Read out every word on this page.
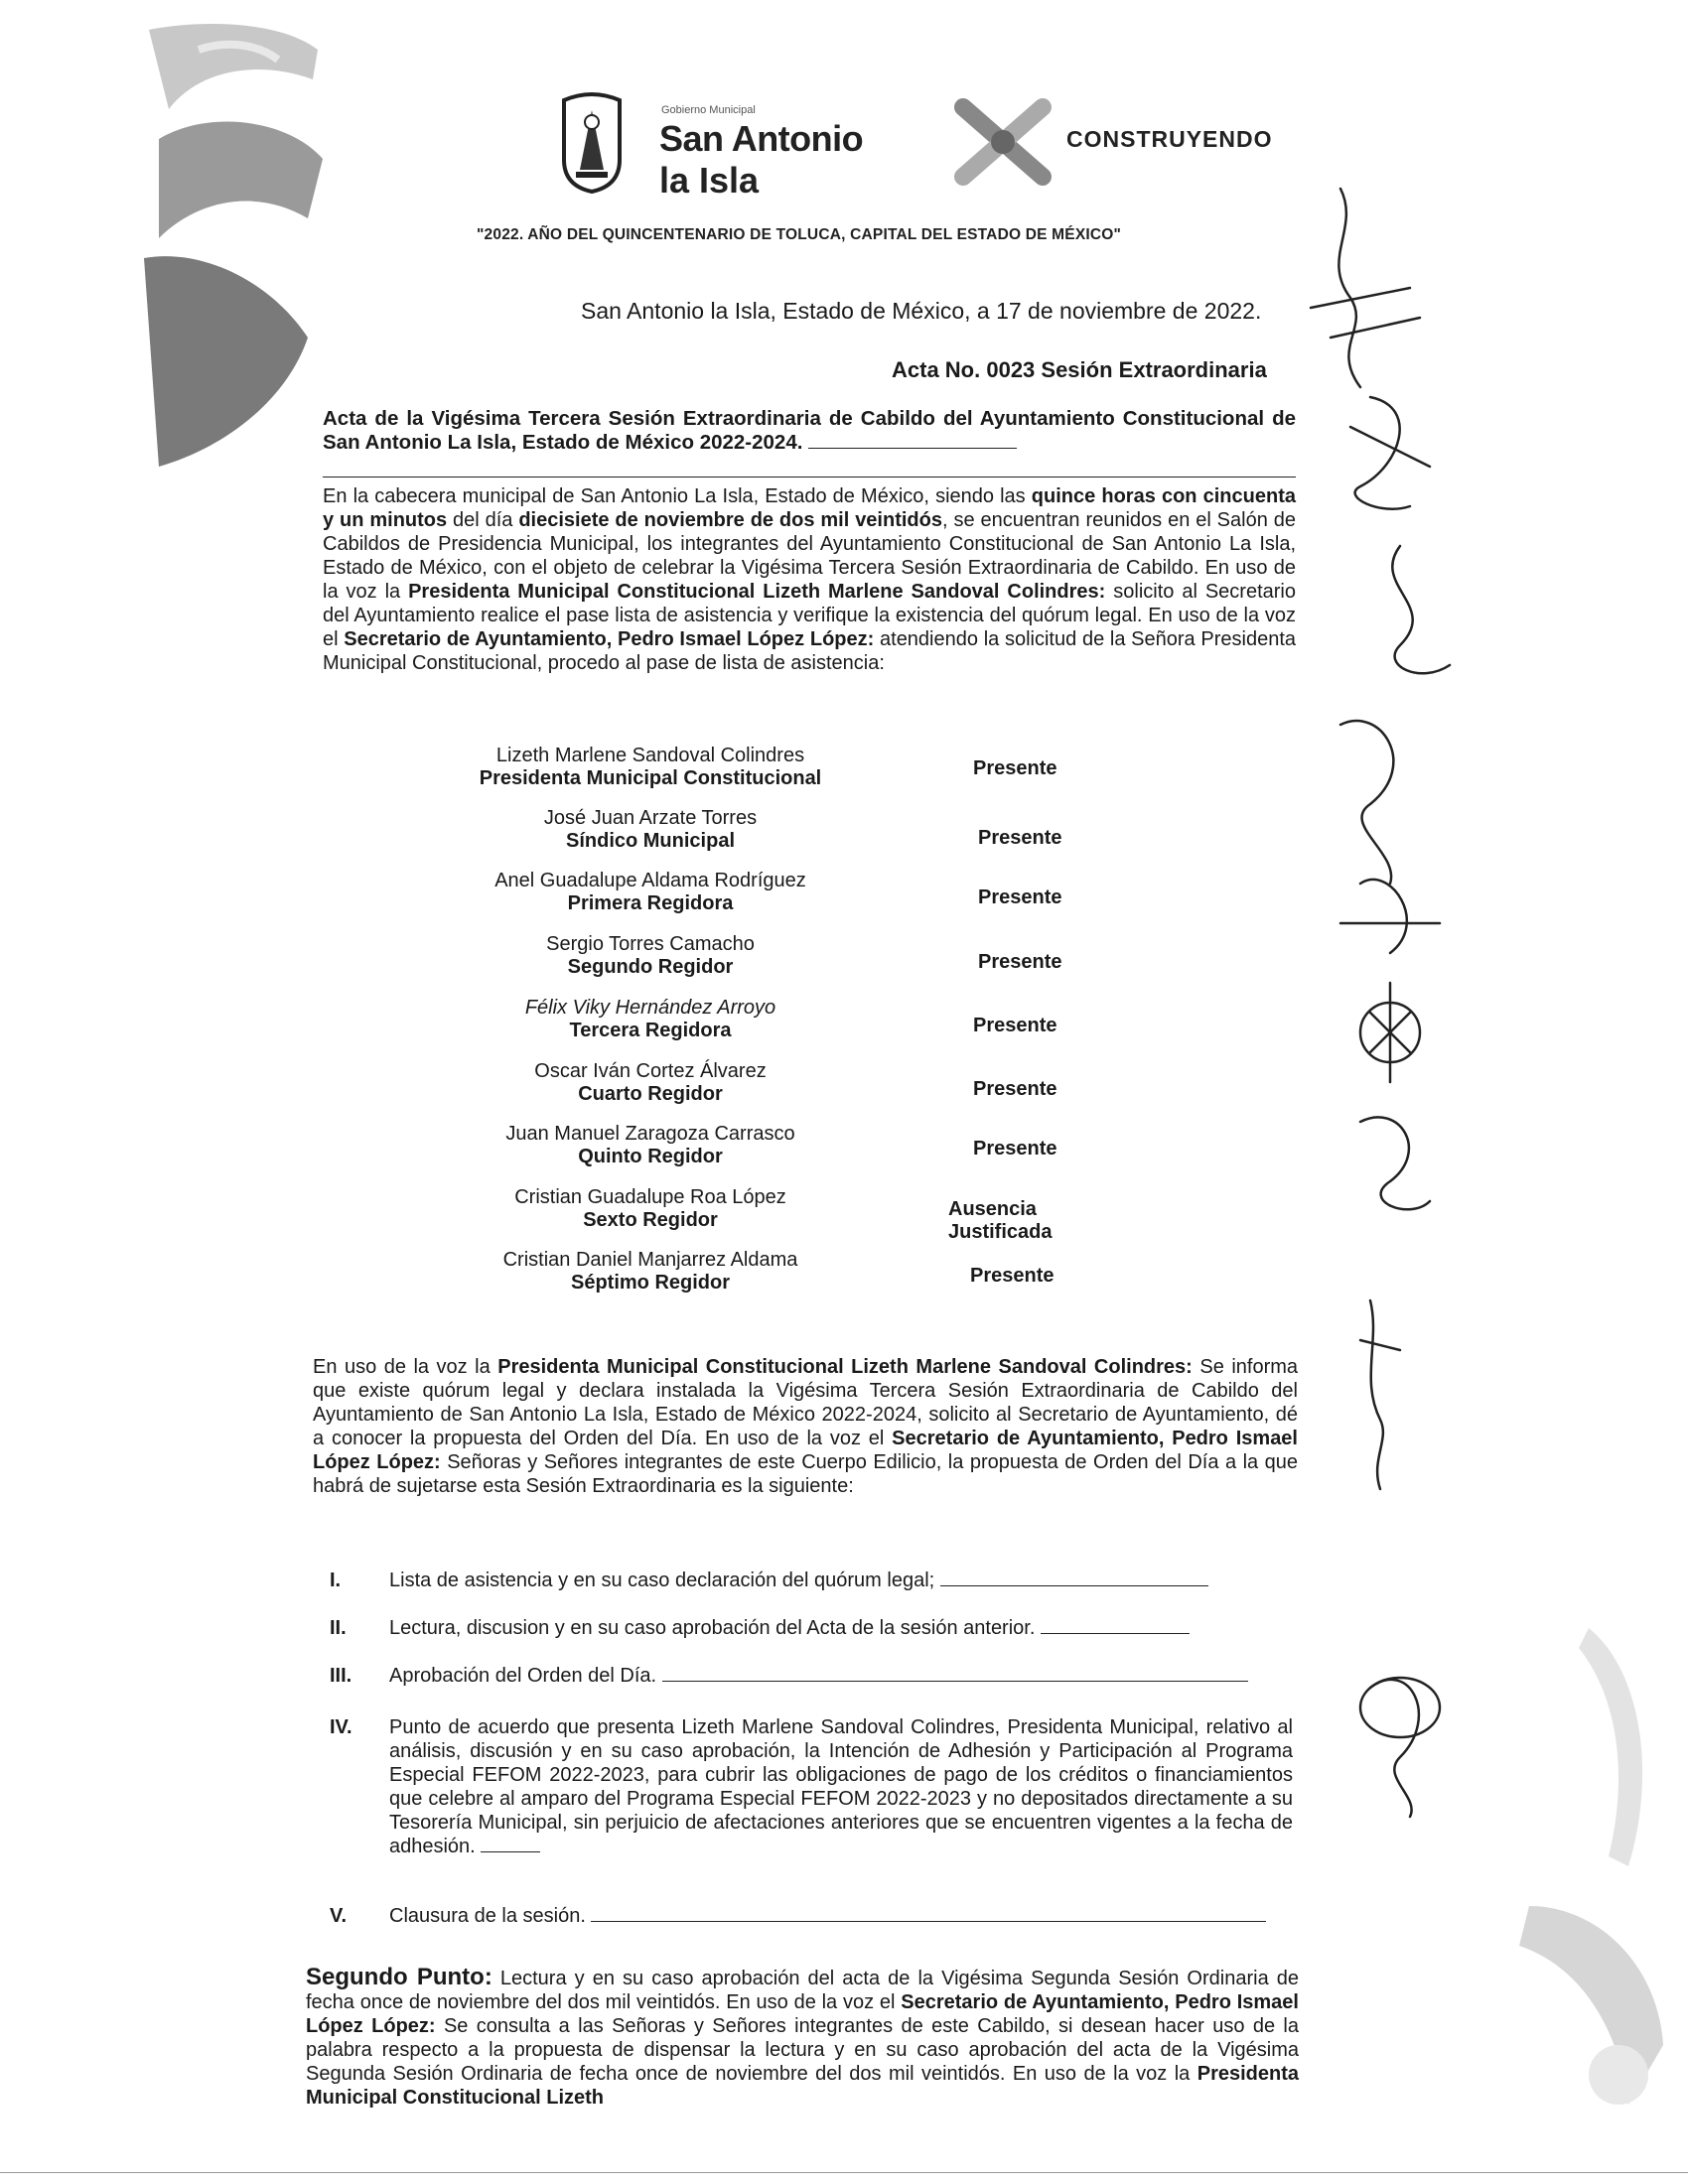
Gobierno Municipal
San Antonio
la Isla
CONSTRUYENDO
"2022. AÑO DEL QUINCENTENARIO DE TOLUCA, CAPITAL DEL ESTADO DE MÉXICO"
San Antonio la Isla, Estado de México, a 17 de noviembre de 2022.
Acta No. 0023 Sesión Extraordinaria
Acta de la Vigésima Tercera Sesión Extraordinaria de Cabildo del Ayuntamiento Constitucional de San Antonio La Isla, Estado de México 2022-2024.
En la cabecera municipal de San Antonio La Isla, Estado de México, siendo las quince horas con cincuenta y un minutos del día diecisiete de noviembre de dos mil veintidós, se encuentran reunidos en el Salón de Cabildos de Presidencia Municipal, los integrantes del Ayuntamiento Constitucional de San Antonio La Isla, Estado de México, con el objeto de celebrar la Vigésima Tercera Sesión Extraordinaria de Cabildo. En uso de la voz la Presidenta Municipal Constitucional Lizeth Marlene Sandoval Colindres: solicito al Secretario del Ayuntamiento realice el pase lista de asistencia y verifique la existencia del quórum legal. En uso de la voz el Secretario de Ayuntamiento, Pedro Ismael López López: atendiendo la solicitud de la Señora Presidenta Municipal Constitucional, procedo al pase de lista de asistencia:
Lizeth Marlene Sandoval Colindres
Presidenta Municipal Constitucional	Presente
José Juan Arzate Torres
Síndico Municipal	Presente
Anel Guadalupe Aldama Rodríguez
Primera Regidora	Presente
Sergio Torres Camacho
Segundo Regidor	Presente
Félix Viky Hernández Arroyo
Tercera Regidora	Presente
Oscar Iván Cortez Álvarez
Cuarto Regidor	Presente
Juan Manuel Zaragoza Carrasco
Quinto Regidor	Presente
Cristian Guadalupe Roa López
Sexto Regidor	Ausencia Justificada
Cristian Daniel Manjarrez Aldama
Séptimo Regidor	Presente
En uso de la voz la Presidenta Municipal Constitucional Lizeth Marlene Sandoval Colindres: Se informa que existe quórum legal y declara instalada la Vigésima Tercera Sesión Extraordinaria de Cabildo del Ayuntamiento de San Antonio La Isla, Estado de México 2022-2024, solicito al Secretario de Ayuntamiento, dé a conocer la propuesta del Orden del Día. En uso de la voz el Secretario de Ayuntamiento, Pedro Ismael López López: Señoras y Señores integrantes de este Cuerpo Edilicio, la propuesta de Orden del Día a la que habrá de sujetarse esta Sesión Extraordinaria es la siguiente:
I. Lista de asistencia y en su caso declaración del quórum legal;
II. Lectura, discusion y en su caso aprobación del Acta de la sesión anterior.
III. Aprobación del Orden del Día.
IV. Punto de acuerdo que presenta Lizeth Marlene Sandoval Colindres, Presidenta Municipal, relativo al análisis, discusión y en su caso aprobación, la Intención de Adhesión y Participación al Programa Especial FEFOM 2022-2023, para cubrir las obligaciones de pago de los créditos o financiamientos que celebre al amparo del Programa Especial FEFOM 2022-2023 y no depositados directamente a su Tesorería Municipal, sin perjuicio de afectaciones anteriores que se encuentren vigentes a la fecha de adhesión.
V. Clausura de la sesión.
Segundo Punto: Lectura y en su caso aprobación del acta de la Vigésima Segunda Sesión Ordinaria de fecha once de noviembre del dos mil veintidós. En uso de la voz el Secretario de Ayuntamiento, Pedro Ismael López López: Se consulta a las Señoras y Señores integrantes de este Cabildo, si desean hacer uso de la palabra respecto a la propuesta de dispensar la lectura y en su caso aprobación del acta de la Vigésima Segunda Sesión Ordinaria de fecha once de noviembre del dos mil veintidós. En uso de la voz la Presidenta Municipal Constitucional Lizeth
